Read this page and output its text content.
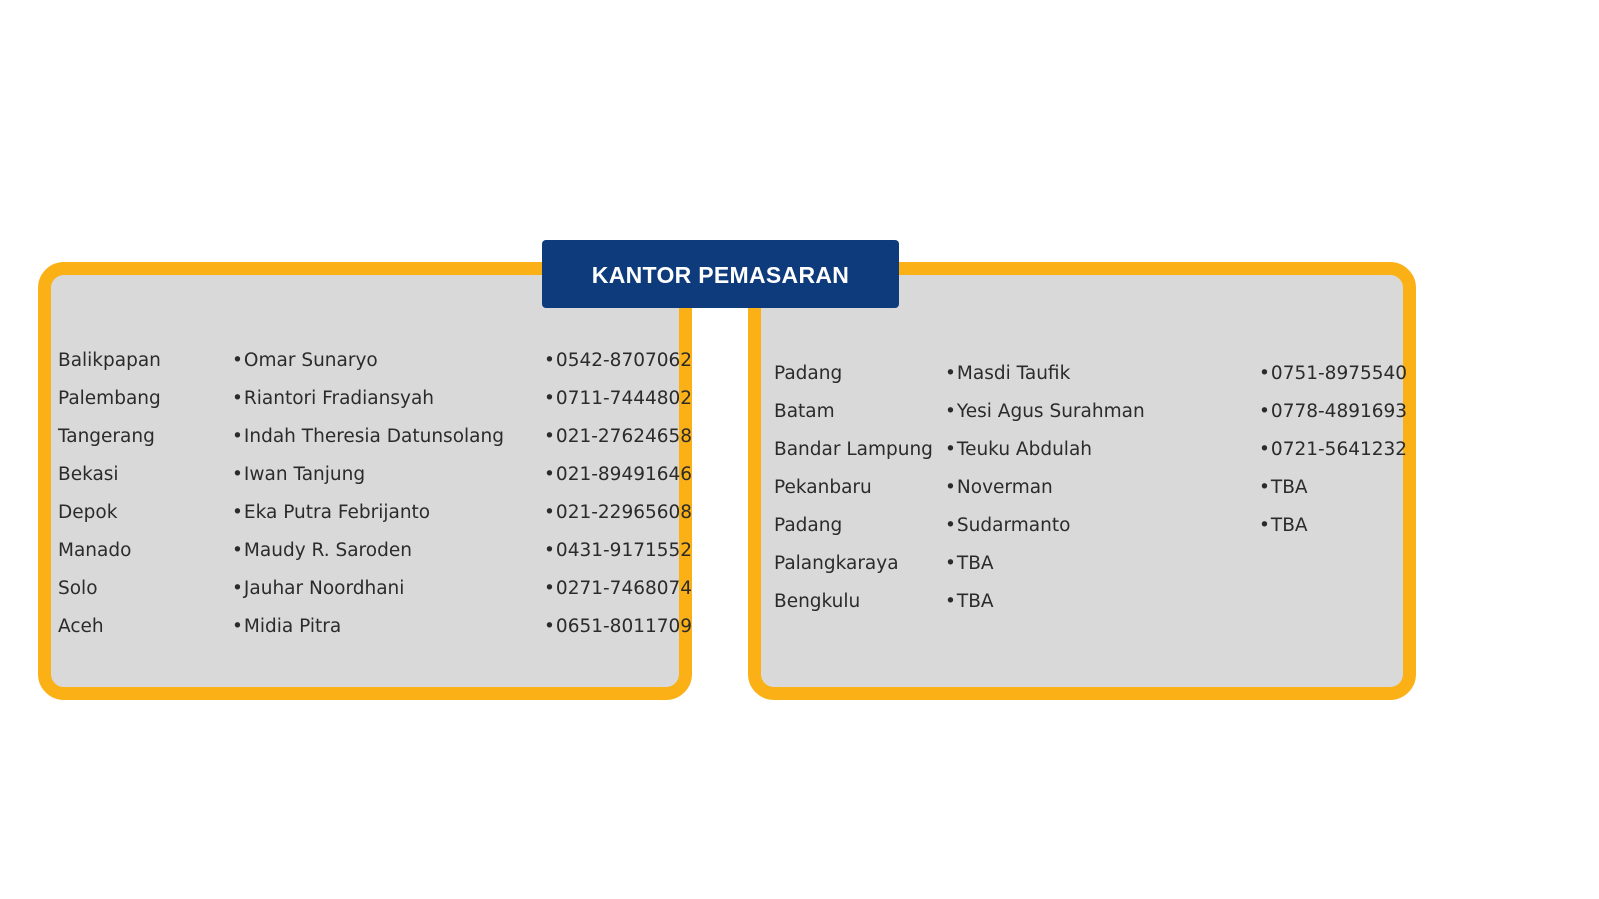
KANTOR PEMASARAN
Balikpapan	•Omar Sunaryo	•0542-8707062
Palembang	•Riantori Fradiansyah	•0711-7444802
Tangerang	•Indah Theresia Datunsolang •021-27624658
Bekasi	•Iwan Tanjung	•021-89491646
Depok	•Eka Putra Febrijanto	•021-22965608
Manado	•Maudy R. Saroden	•0431-9171552
Solo	•Jauhar Noordhani	•0271-7468074
Aceh	•Midia Pitra	•0651-8011709
Padang	•Masdi Taufik	•0751-8975540
Batam	•Yesi Agus Surahman	•0778-4891693
Bandar Lampung •Teuku Abdulah	•0721-5641232
Pekanbaru	•Noverman	•TBA
Padang	•Sudarmanto	•TBA
Palangkaraya	•TBA
Bengkulu	•TBA
